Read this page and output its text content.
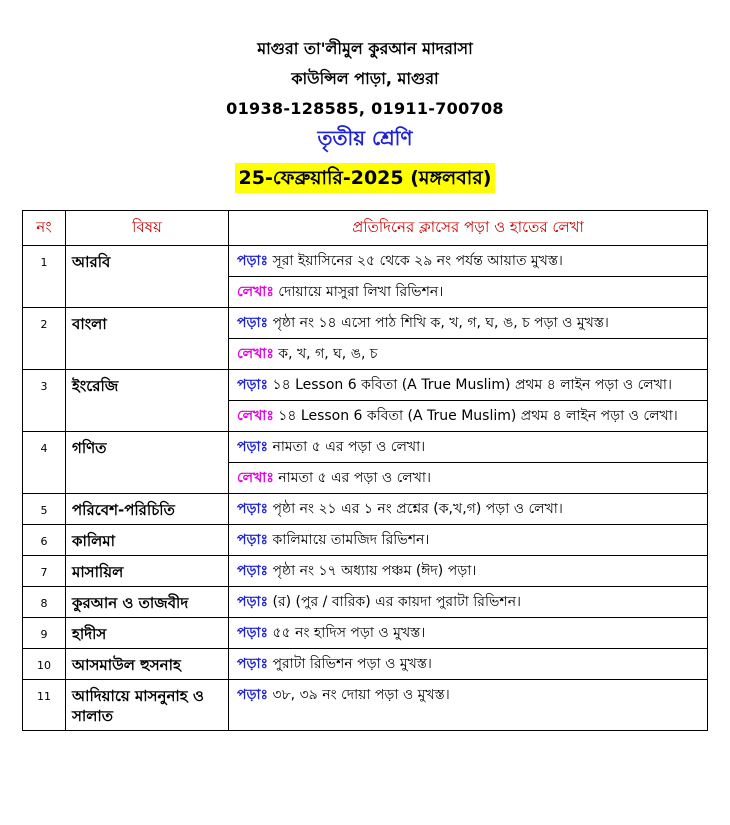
মাগুরা তা'লীমুল কুরআন মাদরাসা
কাউন্সিল পাড়া, মাগুরা
01938-128585, 01911-700708
তৃতীয় শ্রেণি
25-ফেব্রুয়ারি-2025 (মঙ্গলবার)
নং	বিষয়	প্রতিদিনের ক্লাসের পড়া ও হাতের লেখা
1	আরবি	পড়াঃ সূরা ইয়াসিনের ২৫ থেকে ২৯ নং পর্যন্ত আয়াত মুখস্ত।
		লেখাঃ দোয়ায়ে মাসুরা লিখা রিভিশন।
2	বাংলা	পড়াঃ পৃষ্ঠা নং ১৪ এসো পাঠ শিখি ক, খ, গ, ঘ, ঙ, চ পড়া ও মুখস্ত।
		লেখাঃ ক, খ, গ, ঘ, ঙ, চ
3	ইংরেজি	পড়াঃ ১৪ Lesson 6 কবিতা (A True Muslim) প্রথম ৪ লাইন পড়া ও লেখা।
		লেখাঃ ১৪ Lesson 6 কবিতা (A True Muslim) প্রথম ৪ লাইন পড়া ও লেখা।
4	গণিত	পড়াঃ নামতা ৫ এর পড়া ও লেখা।
		লেখাঃ নামতা ৫ এর পড়া ও লেখা।
5	পরিবেশ-পরিচিতি	পড়াঃ পৃষ্ঠা নং ২১ এর ১ নং প্রশ্নের (ক,খ,গ) পড়া ও লেখা।
6	কালিমা	পড়াঃ কালিমায়ে তামজিদ রিভিশন।
7	মাসায়িল	পড়াঃ পৃষ্ঠা নং ১৭ অধ্যায় পঞ্চম (ঈদ) পড়া।
8	কুরআন ও তাজবীদ	পড়াঃ (র) (পুর / বারিক) এর কায়দা পুরাটা রিভিশন।
9	হাদীস	পড়াঃ ৫৫ নং হাদিস পড়া ও মুখস্ত।
10	আসমাউল হুসনাহ	পড়াঃ পুরাটা রিভিশন পড়া ও মুখস্ত।
11	আদিয়ায়ে মাসনুনাহ ও সালাত	পড়াঃ ৩৮, ৩৯ নং দোয়া পড়া ও মুখস্ত।
